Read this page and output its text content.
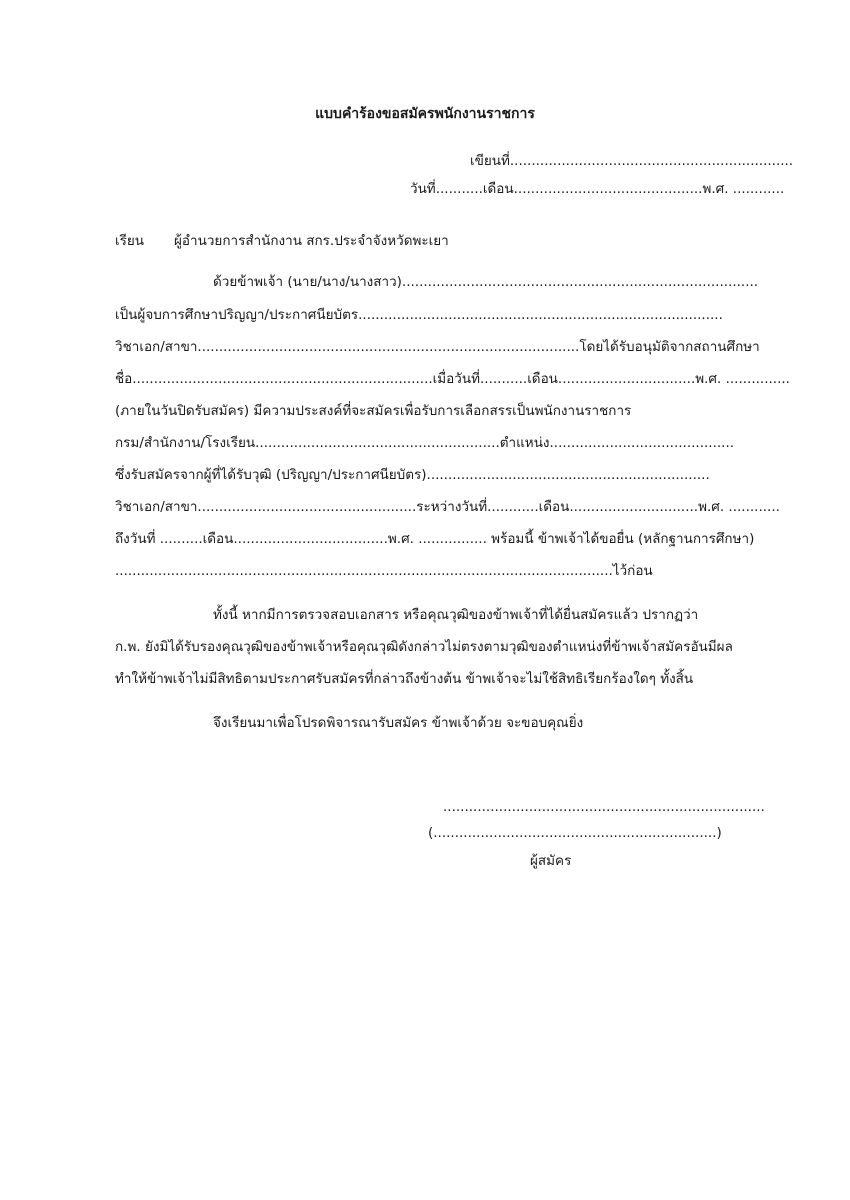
แบบคำร้องขอสมัครพนักงานราชการ
เขียนที่..................................................................
วันที่...........เดือน............................................พ.ศ. ............
เรียน ผู้อำนวยการสำนักงาน สกร.ประจำจังหวัดพะเยา
ด้วยข้าพเจ้า (นาย/นาง/นางสาว)...................................................................................
เป็นผู้จบการศึกษาปริญญา/ประกาศนียบัตร.....................................................................................
วิชาเอก/สาขา.........................................................................................โดยได้รับอนุมัติจากสถานศึกษา
ชื่อ......................................................................เมื่อวันที่...........เดือน................................พ.ศ. ...............
(ภายในวันปิดรับสมัคร) มีความประสงค์ที่จะสมัครเพื่อรับการเลือกสรรเป็นพนักงานราชการ
กรม/สำนักงาน/โรงเรียน.........................................................ตำแหน่ง...........................................
ซึ่งรับสมัครจากผู้ที่ได้รับวุฒิ (ปริญญา/ประกาศนียบัตร)..................................................................
วิชาเอก/สาขา...................................................ระหว่างวันที่............เดือน..............................พ.ศ. ............
ถึงวันที่ ..........เดือน....................................พ.ศ. ................ พร้อมนี้ ข้าพเจ้าได้ขอยื่น (หลักฐานการศึกษา)
....................................................................................................................ไว้ก่อน
ทั้งนี้ หากมีการตรวจสอบเอกสาร หรือคุณวุฒิของข้าพเจ้าที่ได้ยื่นสมัครแล้ว ปรากฏว่า
ก.พ. ยังมิได้รับรองคุณวุฒิของข้าพเจ้าหรือคุณวุฒิดังกล่าวไม่ตรงตามวุฒิของตำแหน่งที่ข้าพเจ้าสมัครอันมีผล
ทำให้ข้าพเจ้าไม่มีสิทธิตามประกาศรับสมัครที่กล่าวถึงข้างต้น ข้าพเจ้าจะไม่ใช้สิทธิเรียกร้องใดๆ ทั้งสิ้น
จึงเรียนมาเพื่อโปรดพิจารณารับสมัคร ข้าพเจ้าด้วย จะขอบคุณยิ่ง
...........................................................................
(..................................................................)
ผู้สมัคร
